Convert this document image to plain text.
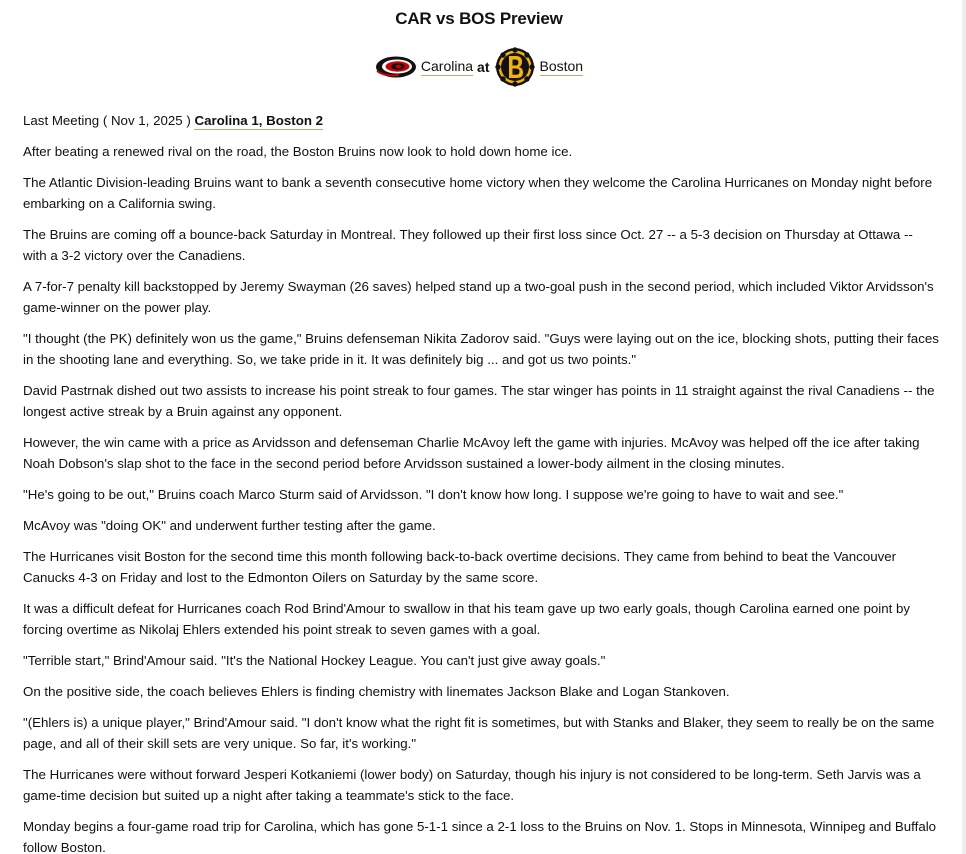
CAR vs BOS Preview
Carolina at	Boston
Last Meeting ( Nov 1, 2025 ) Carolina 1, Boston 2

After beating a renewed rival on the road, the Boston Bruins now look to hold down home ice.

The Atlantic Division-leading Bruins want to bank a seventh consecutive home victory when they welcome the Carolina Hurricanes on Monday night before embarking on a California swing.

The Bruins are coming off a bounce-back Saturday in Montreal. They followed up their first loss since Oct. 27 -- a 5-3 decision on Thursday at Ottawa -- with a 3-2 victory over the Canadiens.

A 7-for-7 penalty kill backstopped by Jeremy Swayman (26 saves) helped stand up a two-goal push in the second period, which included Viktor Arvidsson's game-winner on the power play.

"I thought (the PK) definitely won us the game," Bruins defenseman Nikita Zadorov said. "Guys were laying out on the ice, blocking shots, putting their faces in the shooting lane and everything. So, we take pride in it. It was definitely big ... and got us two points."

David Pastrnak dished out two assists to increase his point streak to four games. The star winger has points in 11 straight against the rival Canadiens -- the longest active streak by a Bruin against any opponent.

However, the win came with a price as Arvidsson and defenseman Charlie McAvoy left the game with injuries. McAvoy was helped off the ice after taking Noah Dobson's slap shot to the face in the second period before Arvidsson sustained a lower-body ailment in the closing minutes.

"He's going to be out," Bruins coach Marco Sturm said of Arvidsson. "I don't know how long. I suppose we're going to have to wait and see."

McAvoy was "doing OK" and underwent further testing after the game.

The Hurricanes visit Boston for the second time this month following back-to-back overtime decisions. They came from behind to beat the Vancouver Canucks 4-3 on Friday and lost to the Edmonton Oilers on Saturday by the same score.

It was a difficult defeat for Hurricanes coach Rod Brind'Amour to swallow in that his team gave up two early goals, though Carolina earned one point by forcing overtime as Nikolaj Ehlers extended his point streak to seven games with a goal.

"Terrible start," Brind'Amour said. "It's the National Hockey League. You can't just give away goals."

On the positive side, the coach believes Ehlers is finding chemistry with linemates Jackson Blake and Logan Stankoven.

"(Ehlers is) a unique player," Brind'Amour said. "I don't know what the right fit is sometimes, but with Stanks and Blaker, they seem to really be on the same page, and all of their skill sets are very unique. So far, it's working."

The Hurricanes were without forward Jesperi Kotkaniemi (lower body) on Saturday, though his injury is not considered to be long-term. Seth Jarvis was a game-time decision but suited up a night after taking a teammate's stick to the face.

Monday begins a four-game road trip for Carolina, which has gone 5-1-1 since a 2-1 loss to the Bruins on Nov. 1. Stops in Minnesota, Winnipeg and Buffalo follow Boston.
